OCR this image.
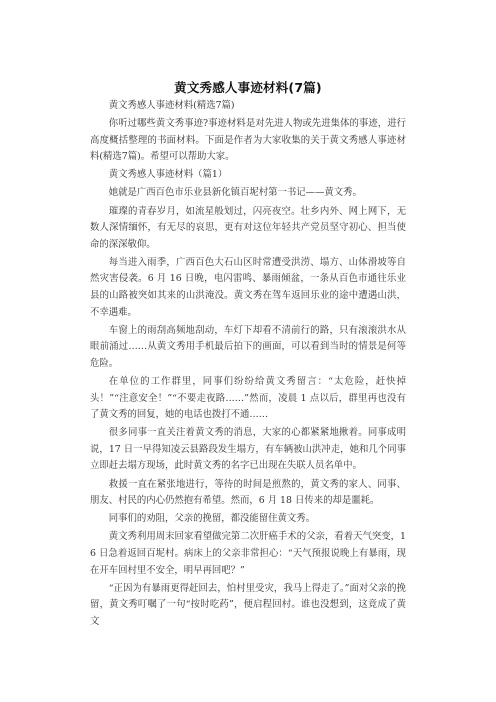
黄文秀感人事迹材料(7篇)

黄文秀感人事迹材料(精选7篇)

你听过哪些黄文秀事迹?事迹材料是对先进人物或先进集体的事迹，进行高度概括整理的书面材料。下面是作者为大家收集的关于黄文秀感人事迹材料(精选7篇)。希望可以帮助大家。

黄文秀感人事迹材料（篇1）

她就是广西百色市乐业县新化镇百坭村第一书记——黄文秀。

璀璨的青春岁月，如流星般划过，闪亮夜空。壮乡内外、网上网下，无数人深情缅怀，有无尽的哀思，更有对这位年轻共产党员坚守初心、担当使命的深深敬仰。

每当进入雨季，广西百色大石山区时常遭受洪涝、塌方、山体滑坡等自然灾害侵袭。6 月 16 日晚，电闪雷鸣、暴雨倾盆，一条从百色市通往乐业县的山路被突如其来的山洪淹没。黄文秀在驾车返回乐业的途中遭遇山洪，不幸遇难。

车窗上的雨刮高频地刮动，车灯下却看不清前行的路，只有滚滚洪水从眼前涌过……从黄文秀用手机最后拍下的画面，可以看到当时的情景是何等危险。

在单位的工作群里，同事们纷纷给黄文秀留言：“太危险，赶快掉头！”“注意安全！”“不要走夜路……”然而，凌晨 1 点以后，群里再也没有了黄文秀的回复，她的电话也拨打不通……

很多同事一直关注着黄文秀的消息，大家的心都紧紧地揪着。同事成明说，17 日一早得知凌云县路段发生塌方，有车辆被山洪冲走，她和几个同事立即赶去塌方现场，此时黄文秀的名字已出现在失联人员名单中。

救援一直在紧张地进行，等待的时间是煎熬的，黄文秀的家人、同事、朋友、村民的内心仍然抱有希望。然而，6 月 18 日传来的却是噩耗。

同事们的劝阻，父亲的挽留，都没能留住黄文秀。

黄文秀利用周末回家看望做完第二次肝癌手术的父亲，看着天气突变，16 日急着返回百坭村。病床上的父亲非常担心：“天气预报说晚上有暴雨，现在开车回村里不安全，明早再回吧？”

“正因为有暴雨更得赶回去，怕村里受灾，我马上得走了。”面对父亲的挽留，黄文秀叮嘱了一句“按时吃药”，便启程回村。谁也没想到，这竟成了黄文
